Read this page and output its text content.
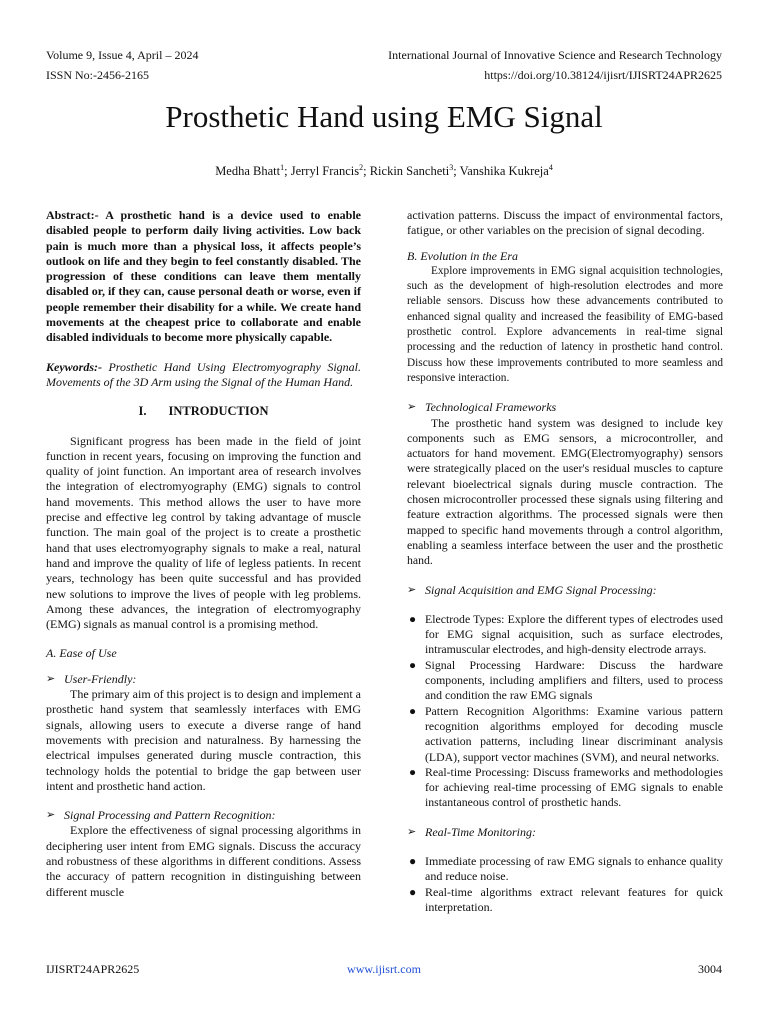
Volume 9, Issue 4, April – 2024
ISSN No:-2456-2165
International Journal of Innovative Science and Research Technology
https://doi.org/10.38124/ijisrt/IJISRT24APR2625
Prosthetic Hand using EMG Signal
Medha Bhatt$^1$; Jerryl Francis$^2$; Rickin Sancheti$^3$; Vanshika Kukreja$^4$

Abstract:- A prosthetic hand is a device used to enable disabled people to perform daily living activities. Low back pain is much more than a physical loss, it affects people’s outlook on life and they begin to feel constantly disabled. The progression of these conditions can leave them mentally disabled or, if they can, cause personal death or worse, even if people remember their disability for a while. We create hand movements at the cheapest price to collaborate and enable disabled individuals to become more physically capable.

Keywords:- Prosthetic Hand Using Electromyography Signal. Movements of the 3D Arm using the Signal of the Human Hand.

I. INTRODUCTION

Significant progress has been made in the field of joint function in recent years, focusing on improving the function and quality of joint function. An important area of research involves the integration of electromyography (EMG) signals to control hand movements. This method allows the user to have more precise and effective leg control by taking advantage of muscle function. The main goal of the project is to create a prosthetic hand that uses electromyography signals to make a real, natural hand and improve the quality of life of legless patients. In recent years, technology has been quite successful and has provided new solutions to improve the lives of people with leg problems. Among these advances, the integration of electromyography (EMG) signals as manual control is a promising method.

A. Ease of Use

➢ User-Friendly:

The primary aim of this project is to design and implement a prosthetic hand system that seamlessly interfaces with EMG signals, allowing users to execute a diverse range of hand movements with precision and naturalness. By harnessing the electrical impulses generated during muscle contraction, this technology holds the potential to bridge the gap between user intent and prosthetic hand action.

➢ Signal Processing and Pattern Recognition:

Explore the effectiveness of signal processing algorithms in deciphering user intent from EMG signals. Discuss the accuracy and robustness of these algorithms in different conditions. Assess the accuracy of pattern recognition in distinguishing between different muscle

activation patterns. Discuss the impact of environmental factors, fatigue, or other variables on the precision of signal decoding.

B. Evolution in the Era

Explore improvements in EMG signal acquisition technologies, such as the development of high-resolution electrodes and more reliable sensors. Discuss how these advancements contributed to enhanced signal quality and increased the feasibility of EMG-based prosthetic control. Explore advancements in real-time signal processing and the reduction of latency in prosthetic hand control. Discuss how these improvements contributed to more seamless and responsive interaction.

➢ Technological Frameworks

The prosthetic hand system was designed to include key components such as EMG sensors, a microcontroller, and actuators for hand movement. EMG(Electromyography) sensors were strategically placed on the user's residual muscles to capture relevant bioelectrical signals during muscle contraction. The chosen microcontroller processed these signals using filtering and feature extraction algorithms. The processed signals were then mapped to specific hand movements through a control algorithm, enabling a seamless interface between the user and the prosthetic hand.

➢ Signal Acquisition and EMG Signal Processing:

● Electrode Types: Explore the different types of electrodes used for EMG signal acquisition, such as surface electrodes, intramuscular electrodes, and high-density electrode arrays.
● Signal Processing Hardware: Discuss the hardware components, including amplifiers and filters, used to process and condition the raw EMG signals
● Pattern Recognition Algorithms: Examine various pattern recognition algorithms employed for decoding muscle activation patterns, including linear discriminant analysis (LDA), support vector machines (SVM), and neural networks.
● Real-time Processing: Discuss frameworks and methodologies for achieving real-time processing of EMG signals to enable instantaneous control of prosthetic hands.

➢ Real-Time Monitoring:

● Immediate processing of raw EMG signals to enhance quality and reduce noise.
● Real-time algorithms extract relevant features for quick interpretation.
IJISRT24APR2625	www.ijisrt.com	3004
